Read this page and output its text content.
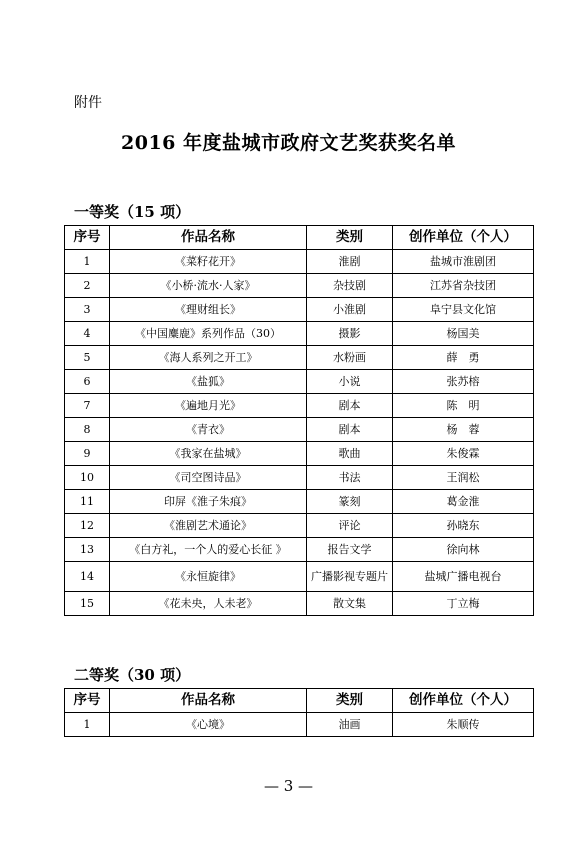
附件
2016 年度盐城市政府文艺奖获奖名单
一等奖（15 项）
序号	作品名称	类别	创作单位（个人）
1	《菜籽花开》	淮剧	盐城市淮剧团
2	《小桥·流水·人家》	杂技剧	江苏省杂技团
3	《理财组长》	小淮剧	阜宁县文化馆
4	《中国麋鹿》系列作品（30）	摄影	杨国美
5	《海人系列之开工》	水粉画	薛　勇
6	《盐狐》	小说	张苏榕
7	《遍地月光》	剧本	陈　明
8	《青衣》	剧本	杨　蓉
9	《我家在盐城》	歌曲	朱俊霖
10	《司空图诗品》	书法	王润松
11	印屏《淮子朱痕》	篆刻	葛金淮
12	《淮剧艺术通论》	评论	孙晓东
13	《白方礼，一个人的爱心长征 》	报告文学	徐向林
14	《永恒旋律》	广播影视专题片	盐城广播电视台
15	《花未央，人未老》	散文集	丁立梅
二等奖（30 项）
序号	作品名称	类别	创作单位（个人）
1	《心境》	油画	朱顺传
— 3 —
